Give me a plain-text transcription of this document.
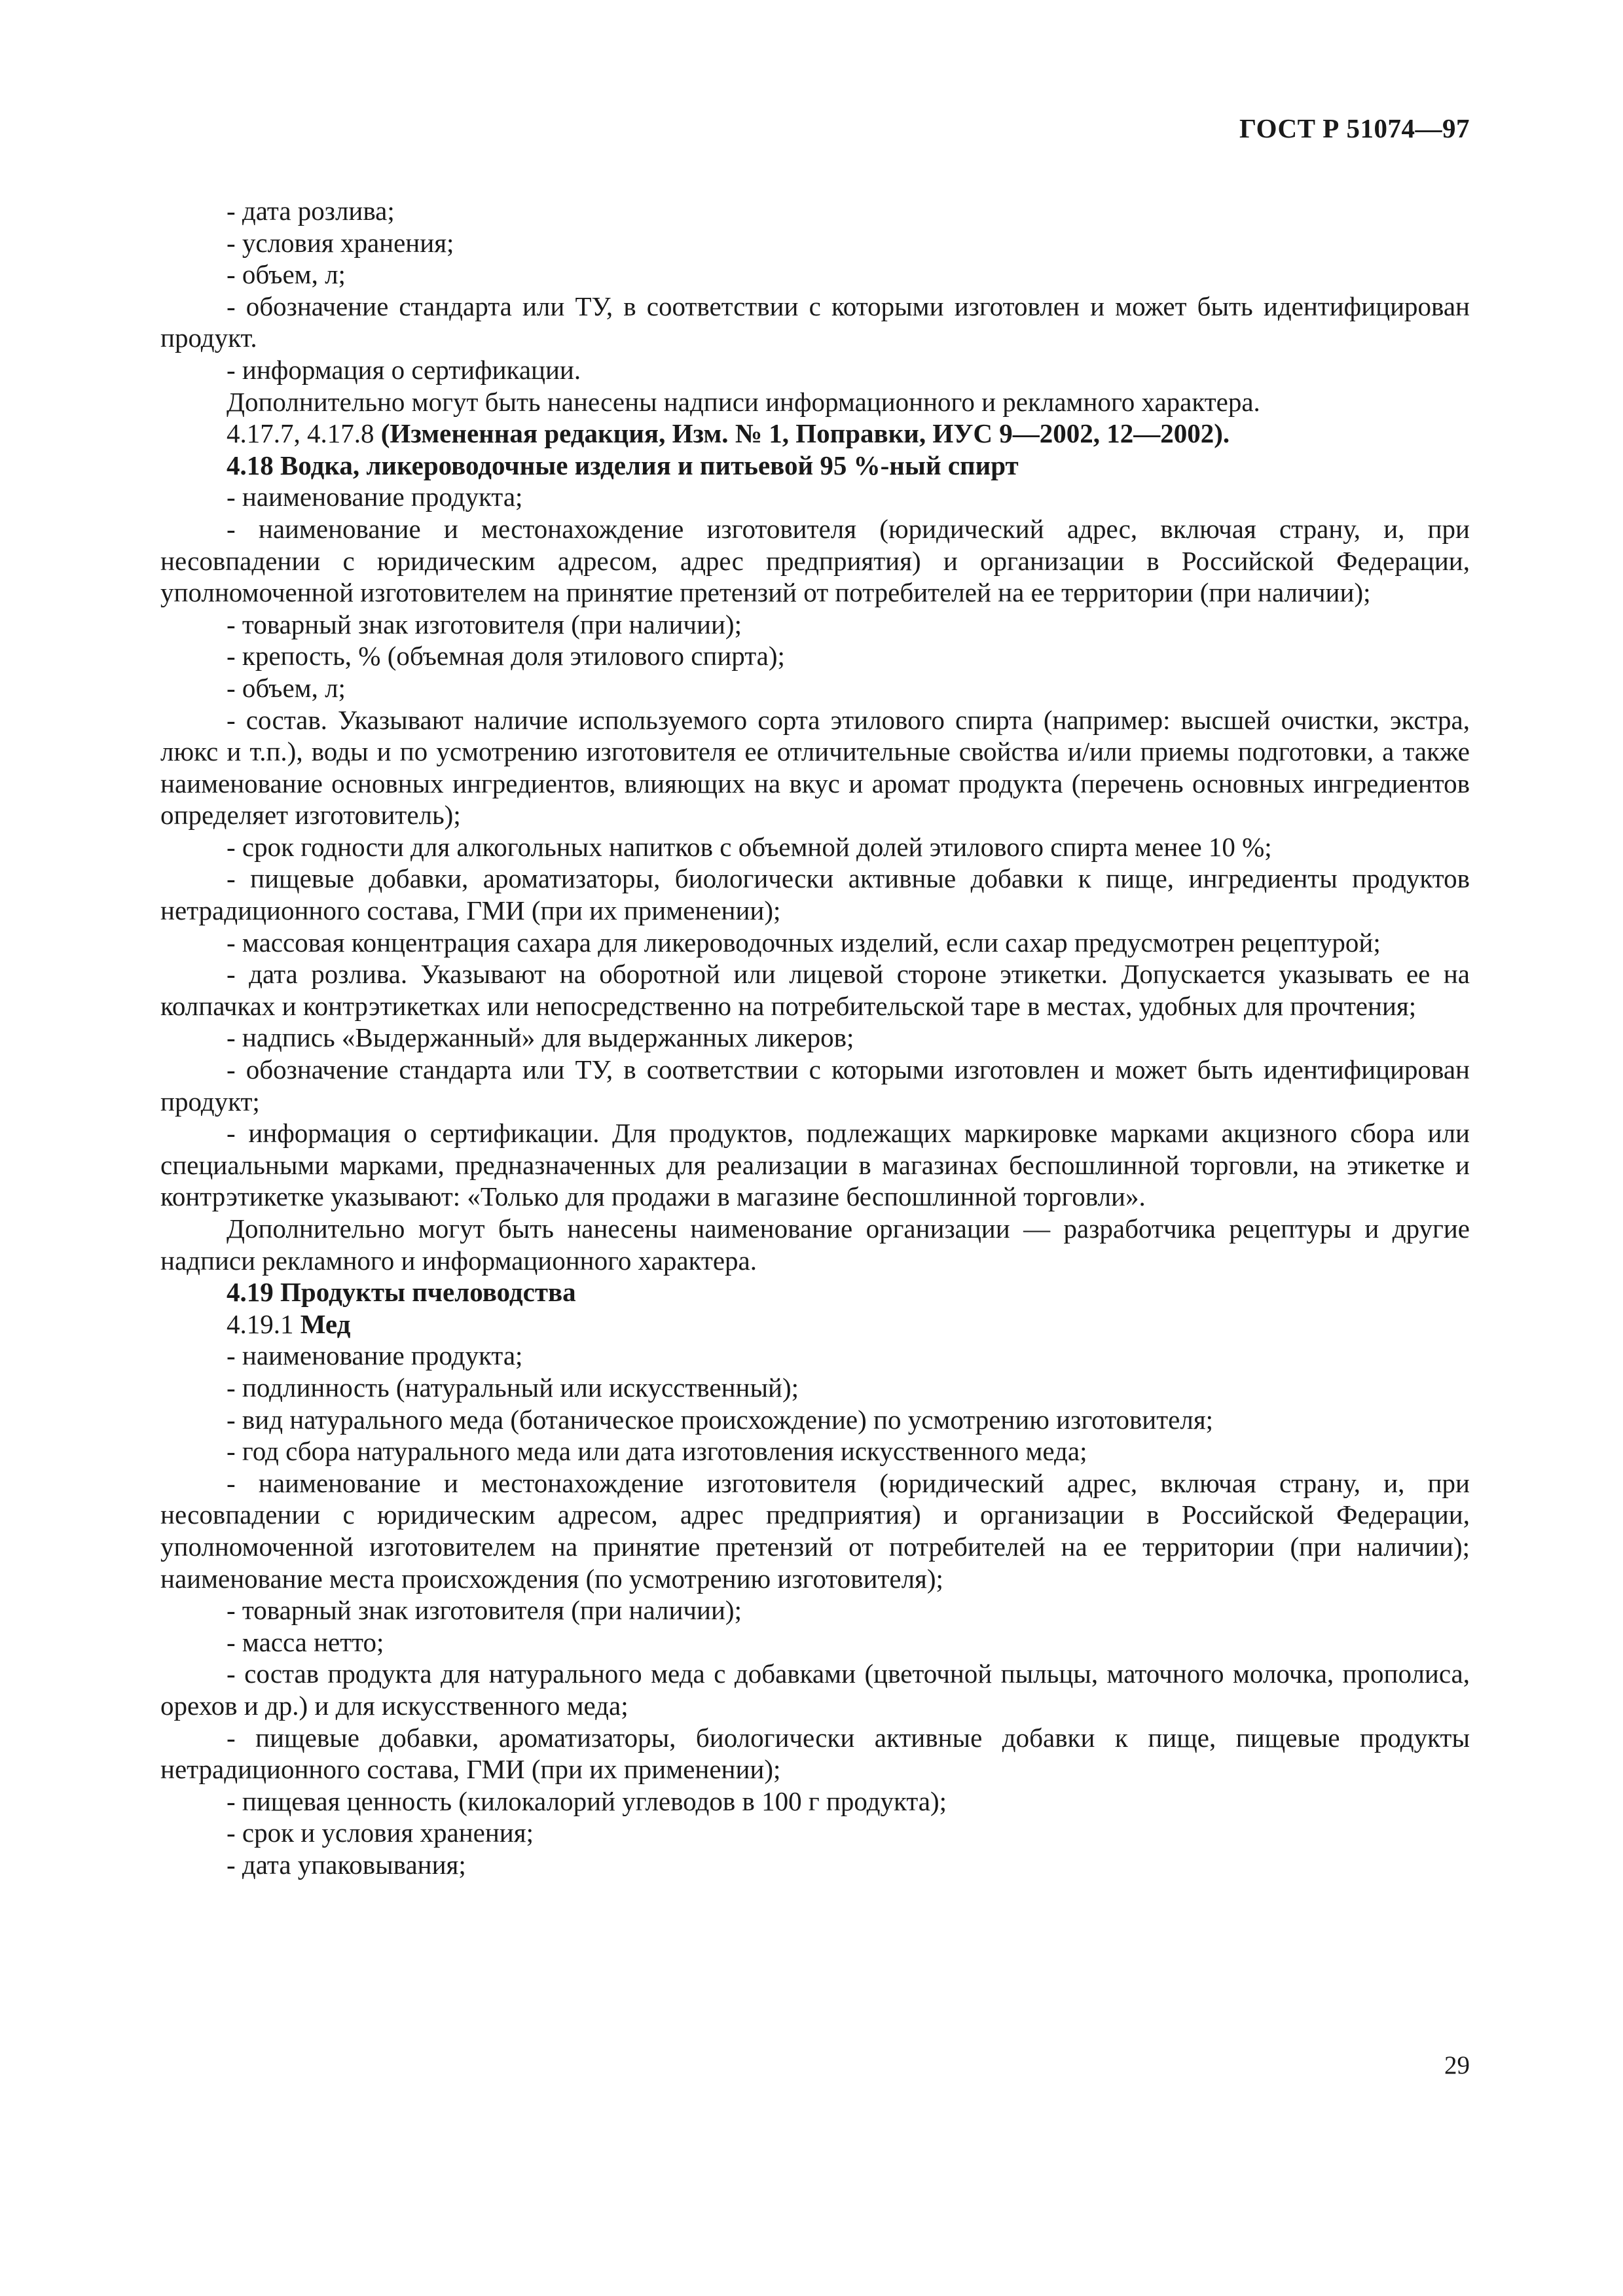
ГОСТ Р 51074—97

- дата розлива;

- условия хранения;

- объем, л;

- обозначение стандарта или ТУ, в соответствии с которыми изготовлен и может быть идентифицирован продукт.

- информация о сертификации.

Дополнительно могут быть нанесены надписи информационного и рекламного характера.

4.17.7, 4.17.8 (Измененная редакция, Изм. № 1, Поправки, ИУС 9—2002, 12—2002).

4.18 Водка, ликероводочные изделия и питьевой 95 %-ный спирт

- наименование продукта;

- наименование и местонахождение изготовителя (юридический адрес, включая страну, и, при несовпадении с юридическим адресом, адрес предприятия) и организации в Российской Федерации, уполномоченной изготовителем на принятие претензий от потребителей на ее территории (при наличии);

- товарный знак изготовителя (при наличии);

- крепость, % (объемная доля этилового спирта);

- объем, л;

- состав. Указывают наличие используемого сорта этилового спирта (например: высшей очистки, экстра, люкс и т.п.), воды и по усмотрению изготовителя ее отличительные свойства и/или приемы подготовки, а также наименование основных ингредиентов, влияющих на вкус и аромат продукта (перечень основных ингредиентов определяет изготовитель);

- срок годности для алкогольных напитков с объемной долей этилового спирта менее 10 %;

- пищевые добавки, ароматизаторы, биологически активные добавки к пище, ингредиенты продуктов нетрадиционного состава, ГМИ (при их применении);

- массовая концентрация сахара для ликероводочных изделий, если сахар предусмотрен рецептурой;

- дата розлива. Указывают на оборотной или лицевой стороне этикетки. Допускается указывать ее на колпачках и контрэтикетках или непосредственно на потребительской таре в местах, удобных для прочтения;

- надпись «Выдержанный» для выдержанных ликеров;

- обозначение стандарта или ТУ, в соответствии с которыми изготовлен и может быть идентифицирован продукт;

- информация о сертификации. Для продуктов, подлежащих маркировке марками акцизного сбора или специальными марками, предназначенных для реализации в магазинах беспошлинной торговли, на этикетке и контрэтикетке указывают: «Только для продажи в магазине беспошлинной торговли».

Дополнительно могут быть нанесены наименование организации — разработчика рецептуры и другие надписи рекламного и информационного характера.

4.19 Продукты пчеловодства

4.19.1 Мед

- наименование продукта;

- подлинность (натуральный или искусственный);

- вид натурального меда (ботаническое происхождение) по усмотрению изготовителя;

- год сбора натурального меда или дата изготовления искусственного меда;

- наименование и местонахождение изготовителя (юридический адрес, включая страну, и, при несовпадении с юридическим адресом, адрес предприятия) и организации в Российской Федерации, уполномоченной изготовителем на принятие претензий от потребителей на ее территории (при наличии); наименование места происхождения (по усмотрению изготовителя);

- товарный знак изготовителя (при наличии);

- масса нетто;

- состав продукта для натурального меда с добавками (цветочной пыльцы, маточного молочка, прополиса, орехов и др.) и для искусственного меда;

- пищевые добавки, ароматизаторы, биологически активные добавки к пище, пищевые продукты нетрадиционного состава, ГМИ (при их применении);

- пищевая ценность (килокалорий углеводов в 100 г продукта);

- срок и условия хранения;

- дата упаковывания;

29
